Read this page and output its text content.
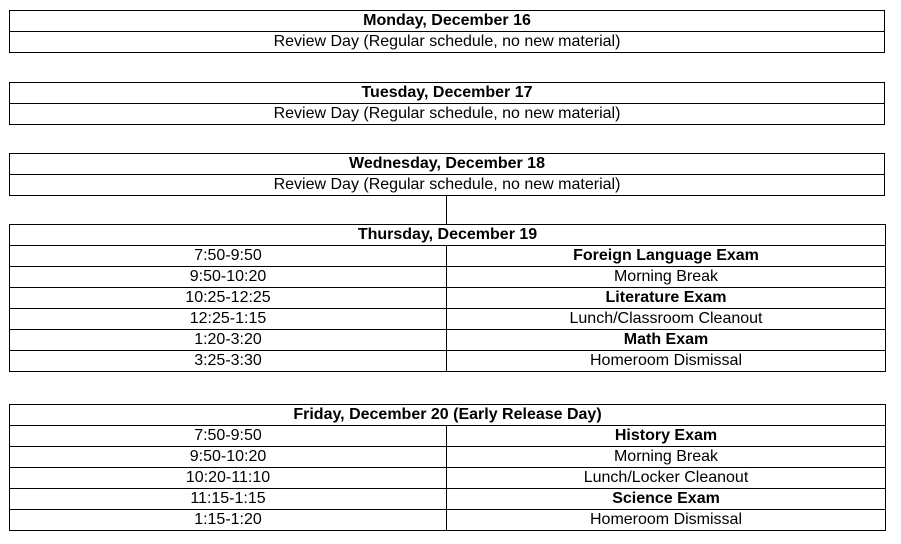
Monday, December 16
Review Day (Regular schedule, no new material)
Tuesday, December 17
Review Day (Regular schedule, no new material)
Wednesday, December 18
Review Day (Regular schedule, no new material)
Thursday, December 19	
7:50-9:50	Foreign Language Exam
9:50-10:20	Morning Break
10:25-12:25	Literature Exam
12:25-1:15	Lunch/Classroom Cleanout
1:20-3:20	Math Exam
3:25-3:30	Homeroom Dismissal
Friday, December 20 (Early Release Day)	
7:50-9:50	History Exam
9:50-10:20	Morning Break
10:20-11:10	Lunch/Locker Cleanout
11:15-1:15	Science Exam
1:15-1:20	Homeroom Dismissal
